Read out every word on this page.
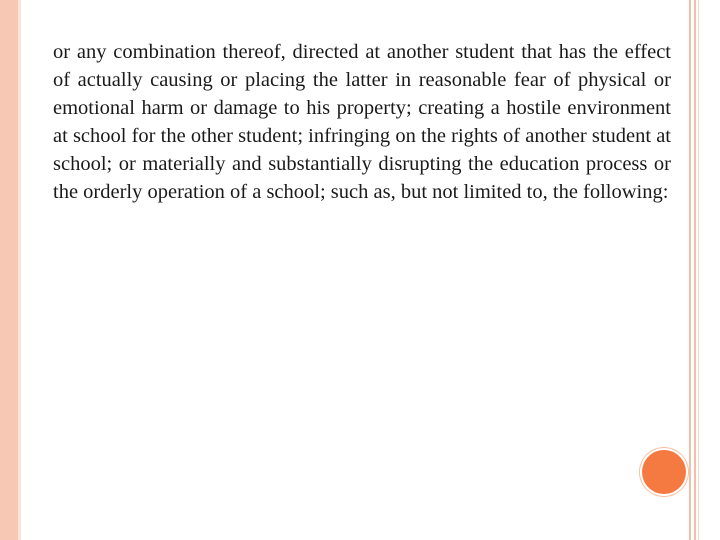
or any combination thereof, directed at another student that has the effect of actually causing or placing the latter in reasonable fear of physical or emotional harm or damage to his property; creating a hostile environment at school for the other student; infringing on the rights of another student at school; or materially and substantially disrupting the education process or the orderly operation of a school; such as, but not limited to, the following:
